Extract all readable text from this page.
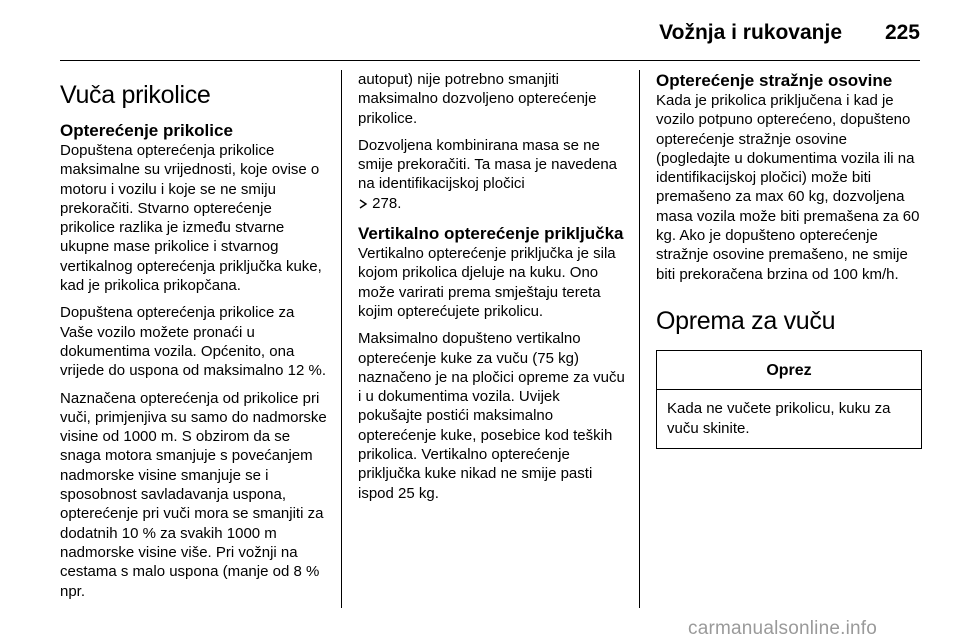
Vožnja i rukovanje 225
Vuča prikolice
Opterećenje prikolice

Dopuštena opterećenja prikolice maksimalne su vrijednosti, koje ovise o motoru i vozilu i koje se ne smiju prekoračiti. Stvarno opterećenje prikolice razlika je između stvarne ukupne mase prikolice i stvarnog vertikalnog opterećenja priključka kuke, kad je prikolica prikopčana.

Dopuštena opterećenja prikolice za Vaše vozilo možete pronaći u dokumentima vozila. Općenito, ona vrijede do uspona od maksimalno 12 %.

Naznačena opterećenja od prikolice pri vuči, primjenjiva su samo do nadmorske visine od 1000 m. S obzirom da se snaga motora smanjuje s povećanjem nadmorske visine smanjuje se i sposobnost savladavanja uspona, opterećenje pri vuči mora se smanjiti za dodatnih 10 % za svakih 1000 m nadmorske visine više. Pri vožnji na cestama s malo uspona (manje od 8 % npr.

autoput) nije potrebno smanjiti maksimalno dozvoljeno opterećenje prikolice.

Dozvoljena kombinirana masa se ne smije prekoračiti. Ta masa je navedena na identifikacijskoj pločici
278.

Vertikalno opterećenje priključka

Vertikalno opterećenje priključka je sila kojom prikolica djeluje na kuku. Ono može varirati prema smještaju tereta kojim opterećujete prikolicu.

Maksimalno dopušteno vertikalno opterećenje kuke za vuču (75 kg) naznačeno je na pločici opreme za vuču i u dokumentima vozila. Uvijek pokušajte postići maksimalno opterećenje kuke, posebice kod teških prikolica. Vertikalno opterećenje priključka kuke nikad ne smije pasti ispod 25 kg.

Opterećenje stražnje osovine

Kada je prikolica priključena i kad je vozilo potpuno opterećeno, dopušteno opterećenje stražnje osovine (pogledajte u dokumentima vozila ili na identifikacijskoj pločici) može biti premašeno za max 60 kg, dozvoljena masa vozila može biti premašena za 60 kg. Ako je dopušteno opterećenje stražnje osovine premašeno, ne smije biti prekoračena brzina od 100 km/h.

Oprema za vuču
Oprez
Kada ne vučete prikolicu, kuku za vuču skinite.
carmanualsonline.info
